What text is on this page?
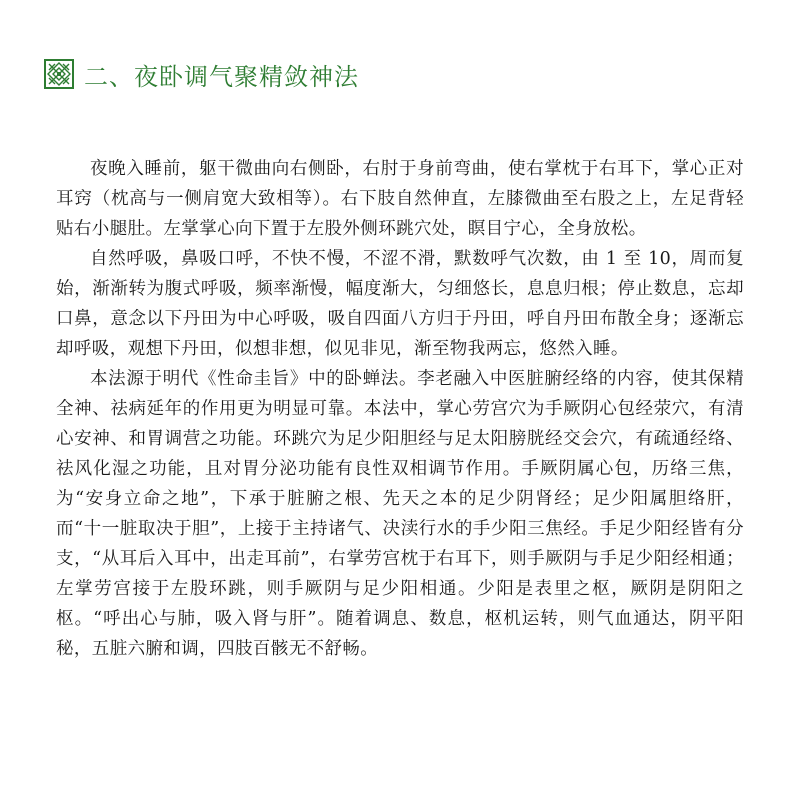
二、夜卧调气聚精敛神法

夜晚入睡前，躯干微曲向右侧卧，右肘于身前弯曲，使右掌枕于右耳下，掌心正对耳窍（枕高与一侧肩宽大致相等）。右下肢自然伸直，左膝微曲至右股之上，左足背轻贴右小腿肚。左掌掌心向下置于左股外侧环跳穴处，瞑目宁心，全身放松。

自然呼吸，鼻吸口呼，不快不慢，不涩不滑，默数呼气次数，由 1 至 10，周而复始，渐渐转为腹式呼吸，频率渐慢，幅度渐大，匀细悠长，息息归根；停止数息，忘却口鼻，意念以下丹田为中心呼吸，吸自四面八方归于丹田，呼自丹田布散全身；逐渐忘却呼吸，观想下丹田，似想非想，似见非见，渐至物我两忘，悠然入睡。

本法源于明代《性命圭旨》中的卧蝉法。李老融入中医脏腑经络的内容，使其保精全神、祛病延年的作用更为明显可靠。本法中，掌心劳宫穴为手厥阴心包经荥穴，有清心安神、和胃调营之功能。环跳穴为足少阳胆经与足太阳膀胱经交会穴，有疏通经络、祛风化湿之功能，且对胃分泌功能有良性双相调节作用。手厥阴属心包，历络三焦，为“安身立命之地”，下承于脏腑之根、先天之本的足少阴肾经；足少阳属胆络肝，而“十一脏取决于胆”，上接于主持诸气、决渎行水的手少阳三焦经。手足少阳经皆有分支，“从耳后入耳中，出走耳前”，右掌劳宫枕于右耳下，则手厥阴与手足少阳经相通；左掌劳宫接于左股环跳，则手厥阴与足少阳相通。少阳是表里之枢，厥阴是阴阳之枢。“呼出心与肺，吸入肾与肝”。随着调息、数息，枢机运转，则气血通达，阴平阳秘，五脏六腑和调，四肢百骸无不舒畅。
